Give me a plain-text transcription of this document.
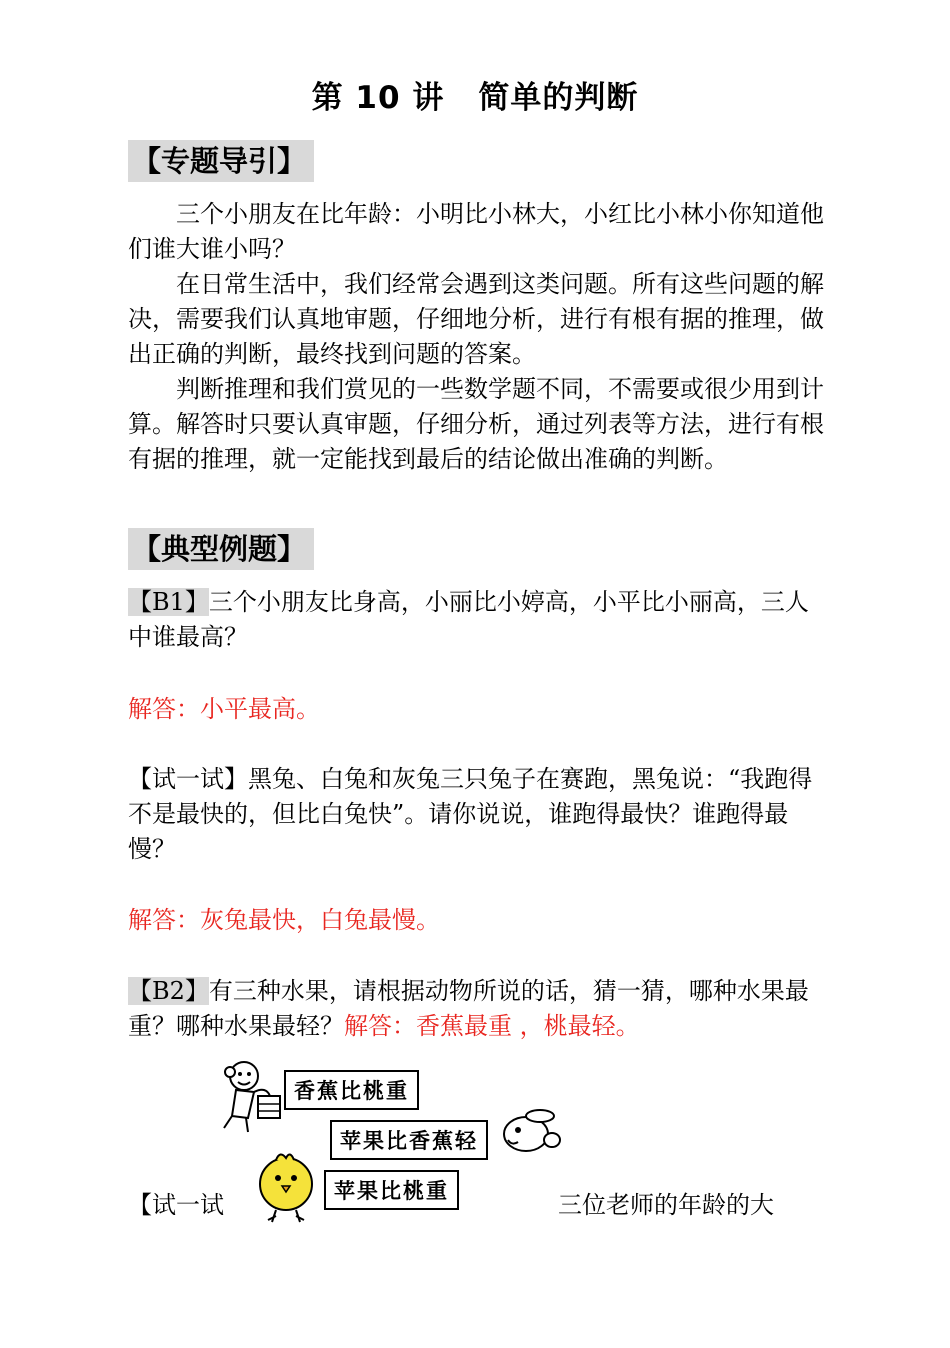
第 10 讲 简单的判断
【专题导引】

三个小朋友在比年龄：小明比小林大，小红比小林小你知道他们谁大谁小吗？

在日常生活中，我们经常会遇到这类问题。所有这些问题的解决，需要我们认真地审题，仔细地分析，进行有根有据的推理，做出正确的判断，最终找到问题的答案。

判断推理和我们赏见的一些数学题不同，不需要或很少用到计算。解答时只要认真审题，仔细分析，通过列表等方法，进行有根有据的推理，就一定能找到最后的结论做出准确的判断。

【典型例题】

【B1】三个小朋友比身高，小丽比小婷高，小平比小丽高，三人中谁最高？

解答：小平最高。

【试一试】黑兔、白兔和灰兔三只兔子在赛跑，黑兔说：“我跑得不是最快的，但比白兔快”。请你说说，谁跑得最快？谁跑得最慢？

解答：灰兔最快，白兔最慢。

【B2】有三种水果，请根据动物所说的话，猜一猜，哪种水果最重？哪种水果最轻？解答：香蕉最重 ，桃最轻。

【试一试	三位老师的年龄的大
香蕉比桃重
苹果比香蕉轻
苹果比桃重
